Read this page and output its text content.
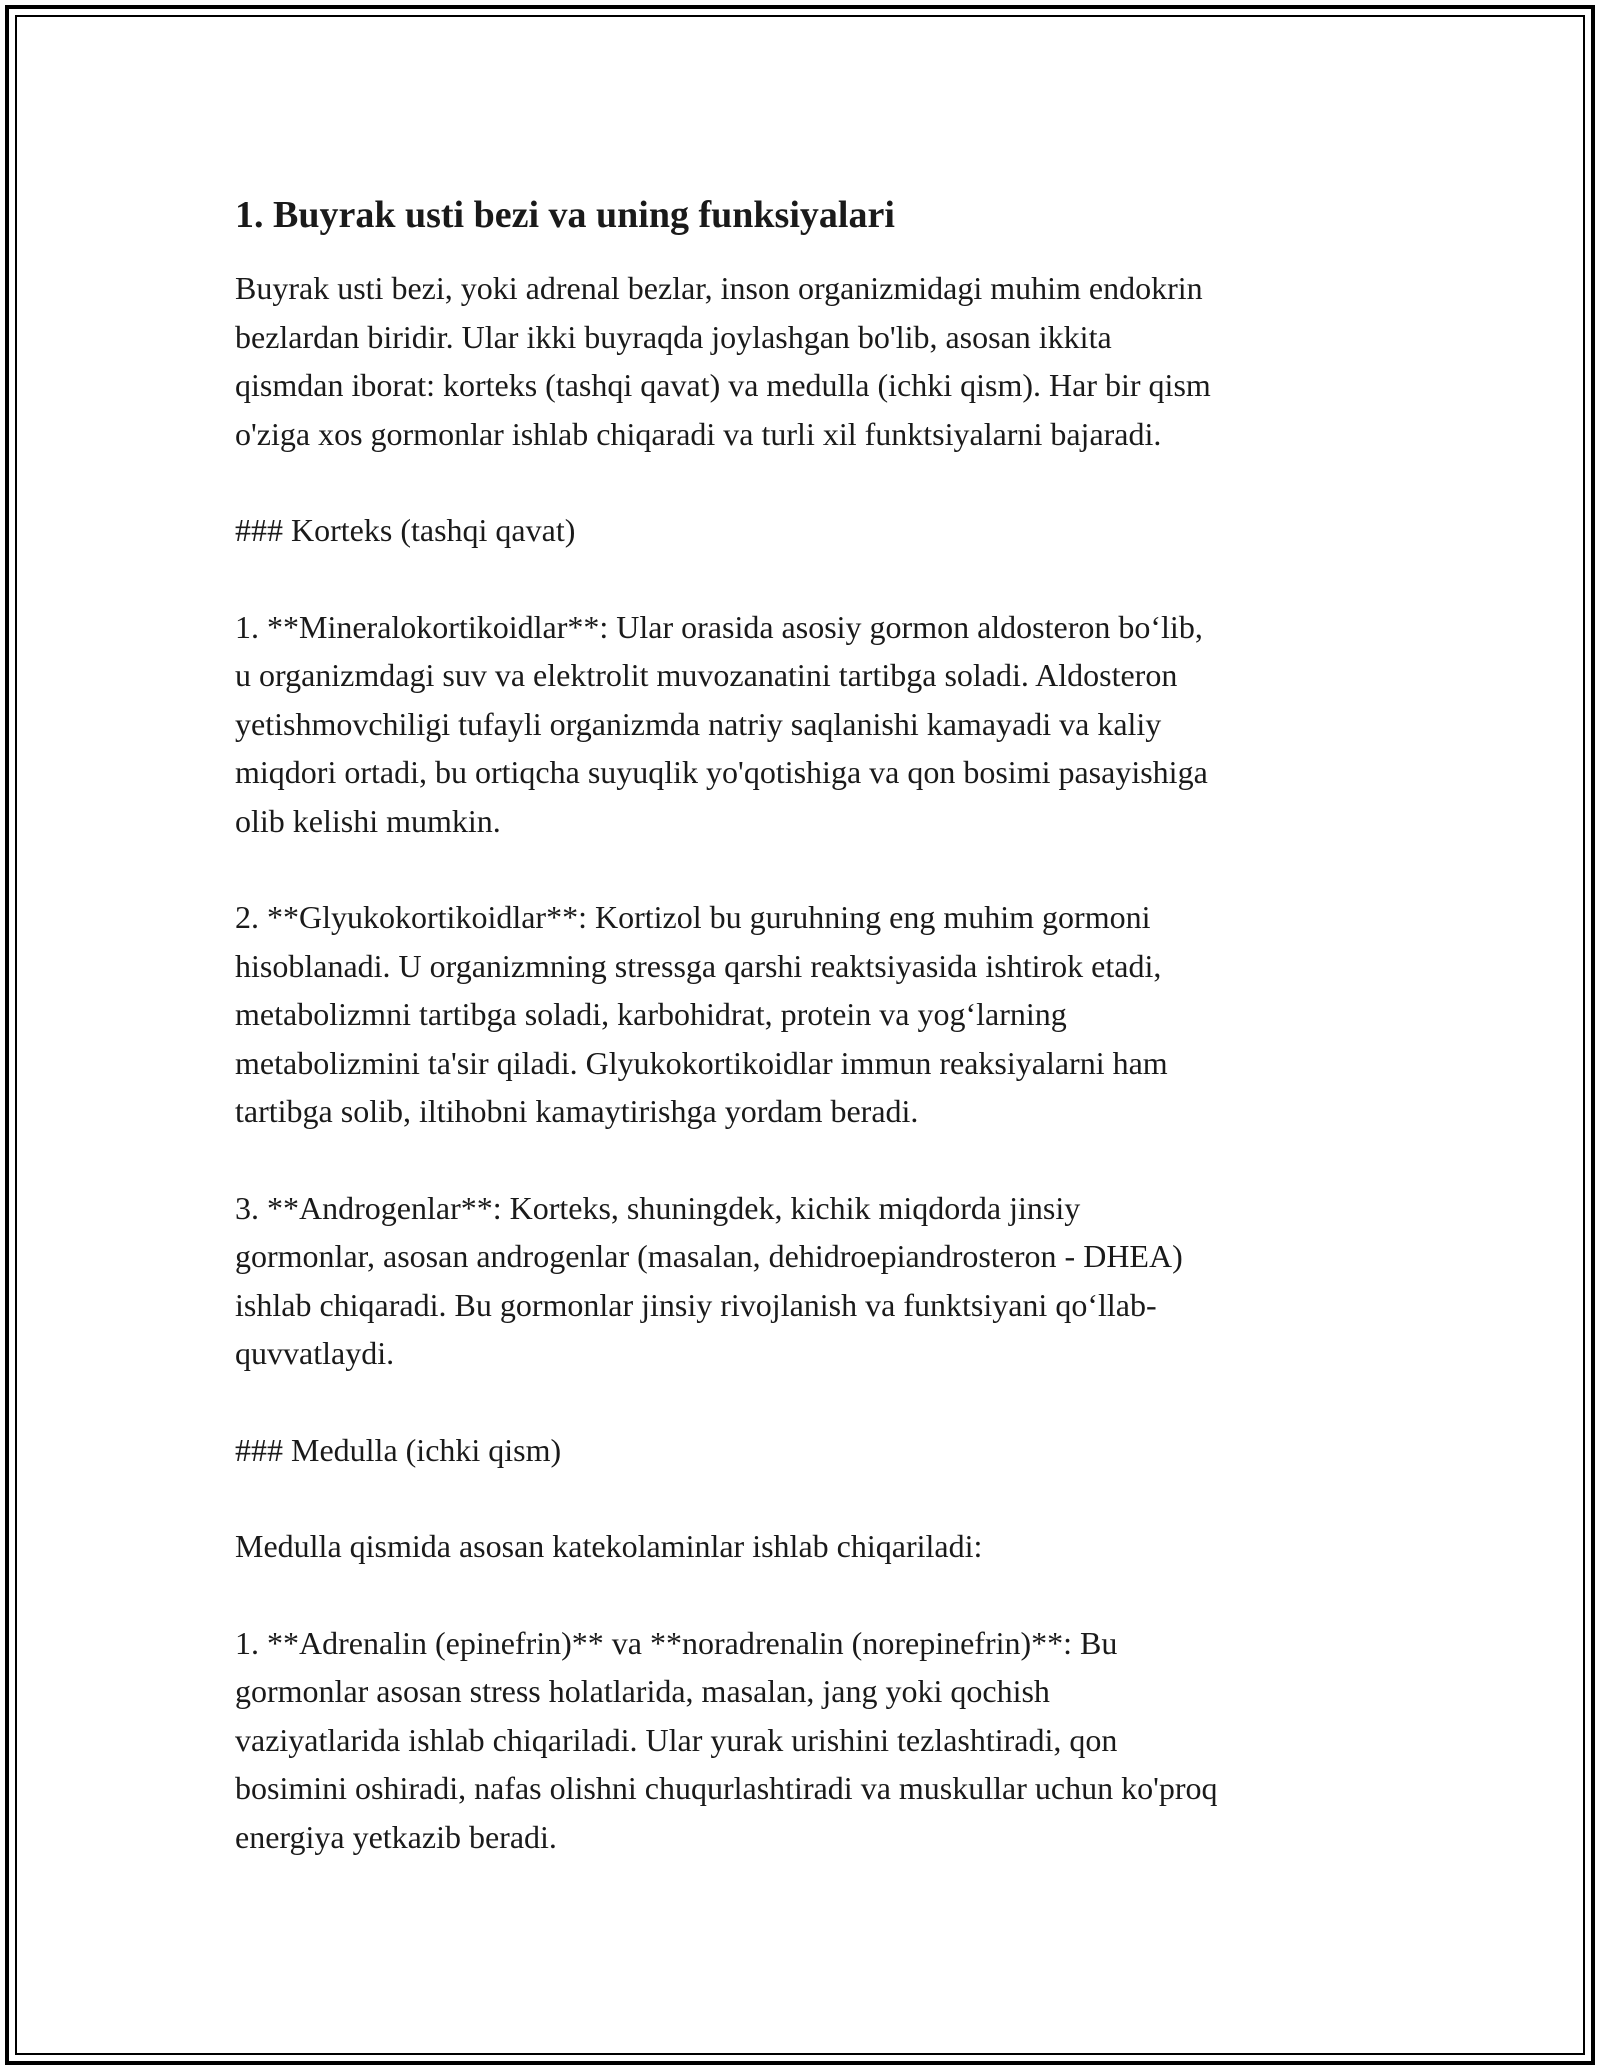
1. Buyrak usti bezi va uning funksiyalari

Buyrak usti bezi, yoki adrenal bezlar, inson organizmidagi muhim endokrin
bezlardan biridir. Ular ikki buyraqda joylashgan bo'lib, asosan ikkita
qismdan iborat: korteks (tashqi qavat) va medulla (ichki qism). Har bir qism
o'ziga xos gormonlar ishlab chiqaradi va turli xil funktsiyalarni bajaradi.

### Korteks (tashqi qavat)

1. **Mineralokortikoidlar**: Ular orasida asosiy gormon aldosteron bo‘lib,
u organizmdagi suv va elektrolit muvozanatini tartibga soladi. Aldosteron
yetishmovchiligi tufayli organizmda natriy saqlanishi kamayadi va kaliy
miqdori ortadi, bu ortiqcha suyuqlik yo'qotishiga va qon bosimi pasayishiga
olib kelishi mumkin.

2. **Glyukokortikoidlar**: Kortizol bu guruhning eng muhim gormoni
hisoblanadi. U organizmning stressga qarshi reaktsiyasida ishtirok etadi,
metabolizmni tartibga soladi, karbohidrat, protein va yog‘larning
metabolizmini ta'sir qiladi. Glyukokortikoidlar immun reaksiyalarni ham
tartibga solib, iltihobni kamaytirishga yordam beradi.

3. **Androgenlar**: Korteks, shuningdek, kichik miqdorda jinsiy
gormonlar, asosan androgenlar (masalan, dehidroepiandrosteron - DHEA)
ishlab chiqaradi. Bu gormonlar jinsiy rivojlanish va funktsiyani qo‘llab-
quvvatlaydi.

### Medulla (ichki qism)

Medulla qismida asosan katekolaminlar ishlab chiqariladi:

1. **Adrenalin (epinefrin)** va **noradrenalin (norepinefrin)**: Bu
gormonlar asosan stress holatlarida, masalan, jang yoki qochish
vaziyatlarida ishlab chiqariladi. Ular yurak urishini tezlashtiradi, qon
bosimini oshiradi, nafas olishni chuqurlashtiradi va muskullar uchun ko'proq
energiya yetkazib beradi.
